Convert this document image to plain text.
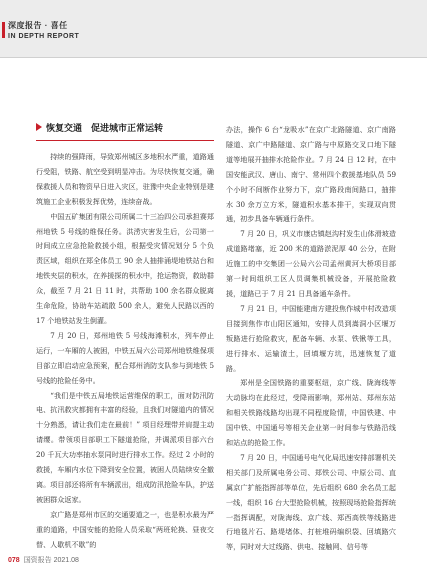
深度报告 · 喜任
IN DEPTH REPORT
恢复交通　促进城市正常运转

持续的强降雨，导致郑州城区多地积水严重，道路通行受阻，铁路、航空受到明显冲击。为尽快恢复交通，确保救援人员和物资早日进入灾区，驻豫中央企业特别是建筑施工企业积极发挥优势，连续奋战。

中国五矿集团有限公司所属二十三冶四公司承担赛郑州地铁 5 号线的维保任务。洪涝灾害发生后，公司第一时间成立应急抢险救援小组，根据受灾情况划分 5 个负责区域，组织在郑全体员工 90 余人抽排涌堤地铁站台和地铁夹层的积水，在养援探的积水中，抢运物资，救助群众，截至 7 月 21 日 11 时，共帮助 100 余名群众脱离生命危险，协助车站疏散 500 余人，避免人民路以西的 17 个地铁站发生倒灌。

7 月 20 日，郑州地铁 5 号线海滩积水，列车停止运行，一车厢的人被困，中铁五局六公司郑州地铁维保项目部立即启动应急预案，配合郑州消防支队参与到地铁 5 号线的抢险任务中。

“我们是中铁五局地铁运营维保的职工，面对防汛防电、抗汛救灾都拥有丰富的经验，且我们对隧道内的情况十分熟悉，请让我们走在最前！” 项目经理带并肩提主动请缨。带领项目部职工下隧道抢险，并调派项目部六台 20 千瓦大功率抽水泵同时进行排水工作。经过 2 小时的救援，车厢内水位下降到安全位置，被困人员陆续安全撤离。项目部还将所有车辆派出，组成防汛抢险车队，护送被困群众返家。

京广路是郑州市区的交通要道之一，也是积水最为严重的道路，中国安能的抢险人员采取“两班轮换、昼夜交替、人歇机不歇”的

办法，操作 6 台“龙吸水”在京广北路隧道、京广南路隧道、京广中路隧道、京广路与中原路交叉口地下隧道等地展开抽排水抢险作业。7 月 24 日 12 时，在中国安能武汉、唐山、南宁、常州四个救援基地队员 59 个小时不间断作业努力下，京广路段南间路口，抽排水 30 余万立方米，隧道积水基本排干，实现双向贯通，初步具备车辆通行条件。

7 月 20 日，巩义市康店镇赵沟村发生山体滑坡造成道路堵塞，近 200 米的道路淤泥厚 40 公分，在附近施工的中交集团一公局六公司孟州黄河大桥项目部第一时间组织工区人员调集机械设备，开展抢险救援，道路已于 7 月 21 日具备通车条件。

7 月 21 日，中国能建南方建投焦作城中村改造项目接到焦作市山阳区通知，安排人员到嵩洞小区堰万叛路进行抢险救灾，配备车辆、水泵、铁锹等工具，进行排水、运输渣土，回填堰方坑，迅速恢复了道路。

郑州是全国铁路的重要枢纽，京广线、陇海线等大动脉均在此经过，受降雨影响，郑州站、郑州东站和相关铁路线路均出现不同程度险情，中国铁建、中国中铁、中国通号等相关企业第一时间参与铁路沿线和站点的抢险工作。

7 月 20 日，中国通号电气化局迅速安排部署机关相关部门及所属电务公司、郑铁公司、中原公司、直属京广扩能指挥部等单位，先后组织 680 余名员工起一线，组织 16 台大型抢险机械，按照现场抢险指挥统一指挥调配，对陇海线、京广线、郑西高铁等线路进行地毯片石、路堤堵体、打桩堆码编织袋、回填路穴等，同时对大过线路、供电、接触网、信号等

078 国资报告 2021.08
